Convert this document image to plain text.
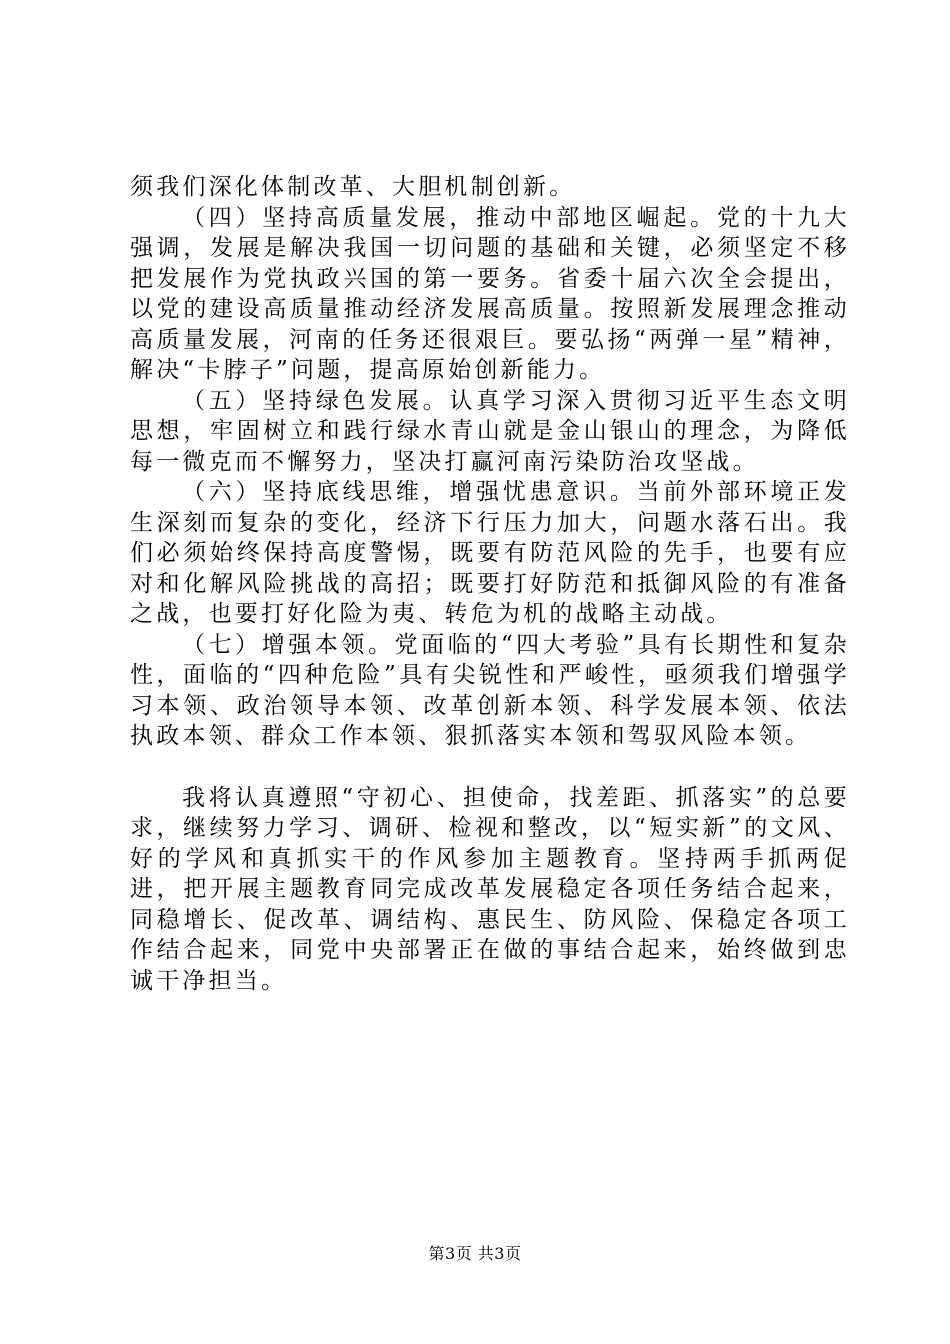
须我们深化体制改革、大胆机制创新。

（四）坚持高质量发展，推动中部地区崛起。党的十九大强调，发展是解决我国一切问题的基础和关键，必须坚定不移把发展作为党执政兴国的第一要务。省委十届六次全会提出，以党的建设高质量推动经济发展高质量。按照新发展理念推动高质量发展，河南的任务还很艰巨。要弘扬“两弹一星”精神，解决“卡脖子”问题，提高原始创新能力。

（五）坚持绿色发展。认真学习深入贯彻习近平生态文明思想，牢固树立和践行绿水青山就是金山银山的理念，为降低每一微克而不懈努力，坚决打赢河南污染防治攻坚战。

（六）坚持底线思维，增强忧患意识。当前外部环境正发生深刻而复杂的变化，经济下行压力加大，问题水落石出。我们必须始终保持高度警惕，既要有防范风险的先手，也要有应对和化解风险挑战的高招；既要打好防范和抵御风险的有准备之战，也要打好化险为夷、转危为机的战略主动战。

（七）增强本领。党面临的“四大考验”具有长期性和复杂性，面临的“四种危险”具有尖锐性和严峻性，亟须我们增强学习本领、政治领导本领、改革创新本领、科学发展本领、依法执政本领、群众工作本领、狠抓落实本领和驾驭风险本领。

我将认真遵照“守初心、担使命，找差距、抓落实”的总要求，继续努力学习、调研、检视和整改，以“短实新”的文风、好的学风和真抓实干的作风参加主题教育。坚持两手抓两促进，把开展主题教育同完成改革发展稳定各项任务结合起来，同稳增长、促改革、调结构、惠民生、防风险、保稳定各项工作结合起来，同党中央部署正在做的事结合起来，始终做到忠诚干净担当。

第3页 共3页
